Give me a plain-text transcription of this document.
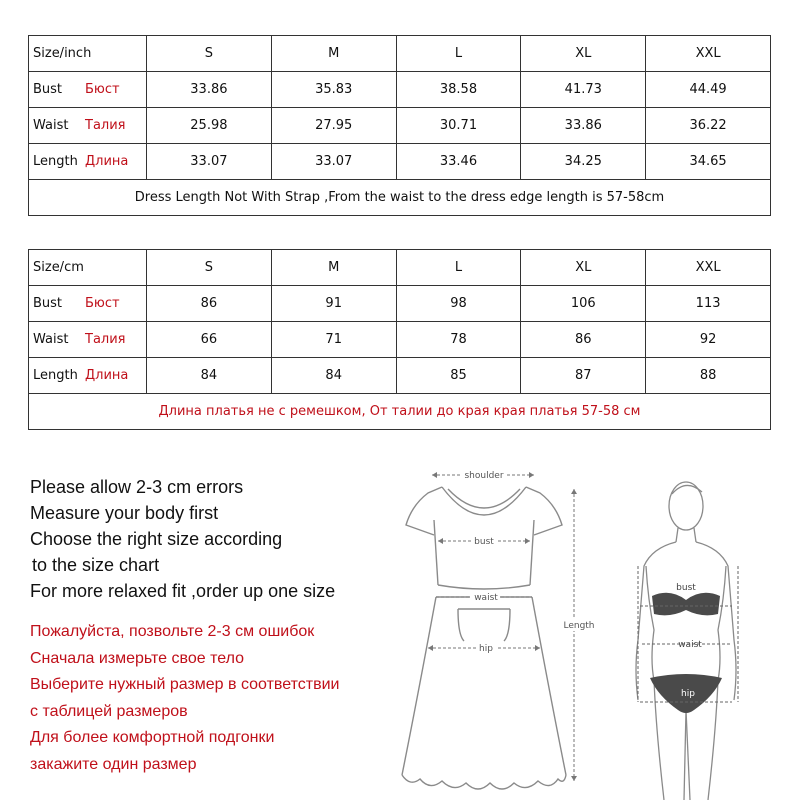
Size/inch	S	M	L	XL	XXL
Bust Бюст	33.86	35.83	38.58	41.73	44.49
Waist Талия	25.98	27.95	30.71	33.86	36.22
Length Длина	33.07	33.07	33.46	34.25	34.65
Dress Length Not With Strap ,From the waist to the dress edge length is 57-58cm					
Size/cm	S	M	L	XL	XXL
Bust Бюст	86	91	98	106	113
Waist Талия	66	71	78	86	92
Length Длина	84	84	85	87	88
Длина платья не с ремешком, От талии до края края платья 57-58 см					
Please allow 2-3 cm errors
Measure your body first
Choose the right size according
to the size chart
For more relaxed fit ,order up one size
Пожалуйста, позвольте 2-3 см ошибок
Сначала измерьте свое тело
Выберите нужный размер в соответствии
с таблицей размеров
Для более комфортной подгонки
закажите один размер
shoulder
bust
waist
hip
Length
bust
waist
hip
